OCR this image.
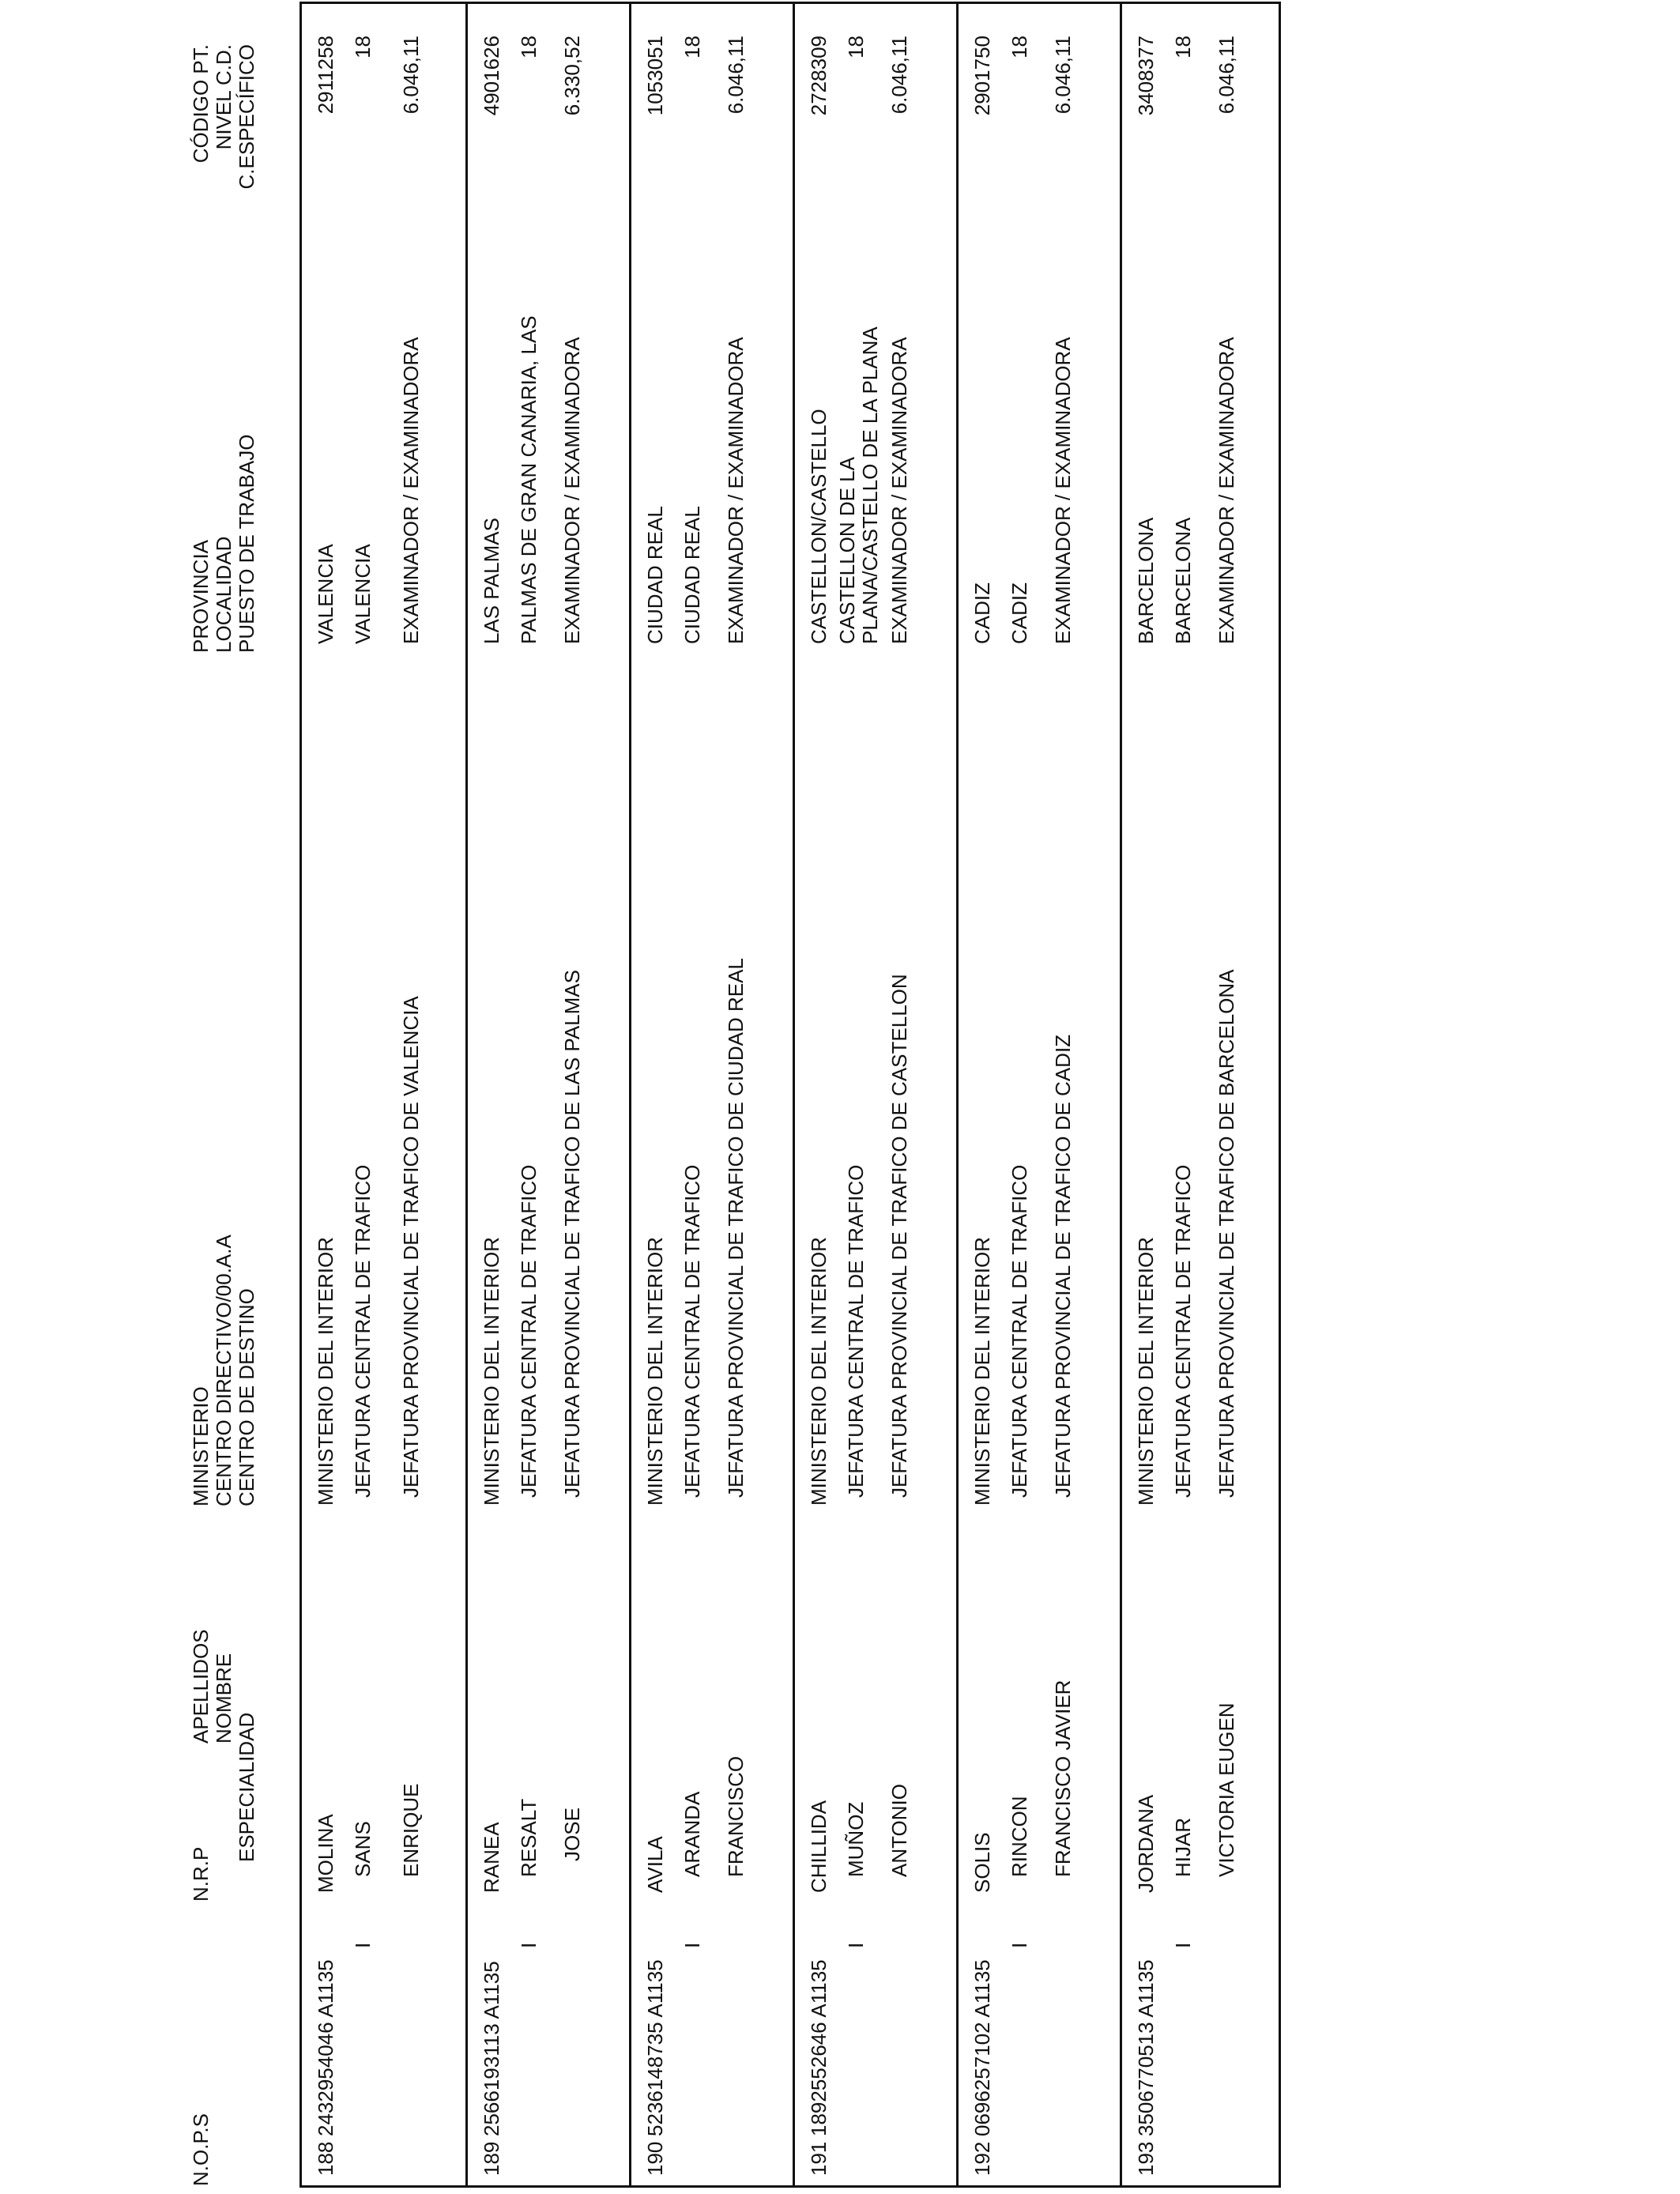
N.O.P.S
N.R.P
ESPECIALIDAD
APELLIDOS NOMBRE
MINISTERIO CENTRO DIRECTIVO/00.A.A CENTRO DE DESTINO
PROVINCIA LOCALIDAD PUESTO DE TRABAJO
CÓDIGO PT. NIVEL C.D. C.ESPECÍFICO
188
2432954046 A1135
I
MOLINA SANS ENRIQUE
MINISTERIO DEL INTERIOR JEFATURA CENTRAL DE TRAFICO JEFATURA PROVINCIAL DE TRAFICO DE VALENCIA
VALENCIA VALENCIA EXAMINADOR / EXAMINADORA
2911258 18 6.046,11
189
2566193113 A1135
I
RANEA RESALT JOSE
MINISTERIO DEL INTERIOR JEFATURA CENTRAL DE TRAFICO JEFATURA PROVINCIAL DE TRAFICO DE LAS PALMAS
LAS PALMAS PALMAS DE GRAN CANARIA, LAS EXAMINADOR / EXAMINADORA
4901626 18 6.330,52
190
5236148735 A1135
I
AVILA ARANDA FRANCISCO
MINISTERIO DEL INTERIOR JEFATURA CENTRAL DE TRAFICO JEFATURA PROVINCIAL DE TRAFICO DE CIUDAD REAL
CIUDAD REAL CIUDAD REAL EXAMINADOR / EXAMINADORA
1053051 18 6.046,11
191
1892552646 A1135
I
CHILLIDA MUÑOZ ANTONIO
MINISTERIO DEL INTERIOR JEFATURA CENTRAL DE TRAFICO JEFATURA PROVINCIAL DE TRAFICO DE CASTELLON
CASTELLON/CASTELLO CASTELLON DE LA PLANA/CASTELLO DE LA PLANA EXAMINADOR / EXAMINADORA
2728309 18 6.046,11
192
0696257102 A1135
I
SOLIS RINCON FRANCISCO JAVIER
MINISTERIO DEL INTERIOR JEFATURA CENTRAL DE TRAFICO JEFATURA PROVINCIAL DE TRAFICO DE CADIZ
CADIZ CADIZ EXAMINADOR / EXAMINADORA
2901750 18 6.046,11
193
3506770513 A1135
I
JORDANA HIJAR VICTORIA EUGEN
MINISTERIO DEL INTERIOR JEFATURA CENTRAL DE TRAFICO JEFATURA PROVINCIAL DE TRAFICO DE BARCELONA
BARCELONA BARCELONA EXAMINADOR / EXAMINADORA
3408377 18 6.046,11
